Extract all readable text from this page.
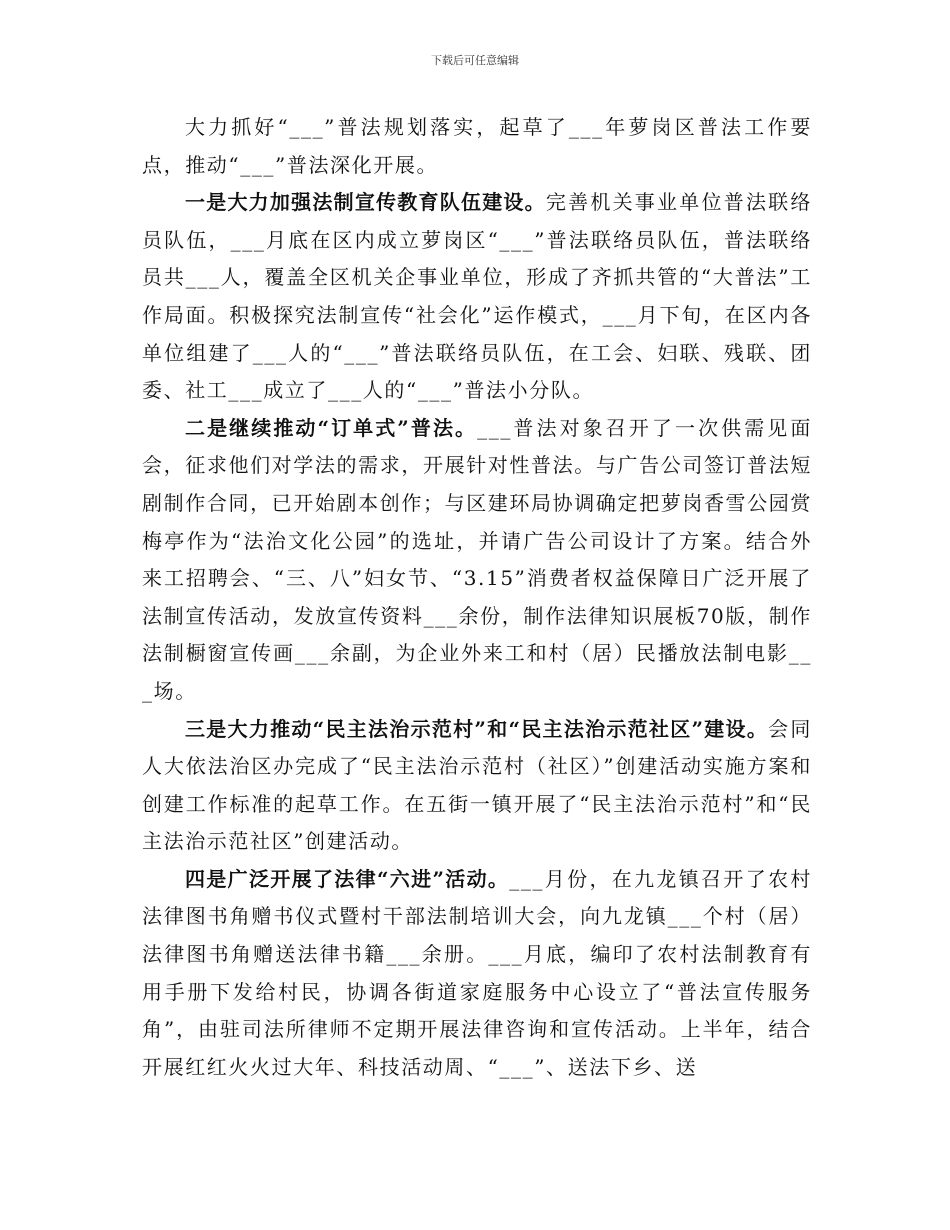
下载后可任意编辑

大力抓好“___”普法规划落实，起草了___年萝岗区普法工作要点，推动“___”普法深化开展。

一是大力加强法制宣传教育队伍建设。完善机关事业单位普法联络员队伍，___月底在区内成立萝岗区“___”普法联络员队伍，普法联络员共___人，覆盖全区机关企事业单位，形成了齐抓共管的“大普法”工作局面。积极探究法制宣传“社会化”运作模式，___月下旬，在区内各单位组建了___人的“___”普法联络员队伍，在工会、妇联、残联、团委、社工___成立了___人的“___”普法小分队。

二是继续推动“订单式”普法。___普法对象召开了一次供需见面会，征求他们对学法的需求，开展针对性普法。与广告公司签订普法短剧制作合同，已开始剧本创作；与区建环局协调确定把萝岗香雪公园赏梅亭作为“法治文化公园”的选址，并请广告公司设计了方案。结合外来工招聘会、“三、八”妇女节、“3.15”消费者权益保障日广泛开展了法制宣传活动，发放宣传资料___余份，制作法律知识展板70版，制作法制橱窗宣传画___余副，为企业外来工和村（居）民播放法制电影___场。

三是大力推动“民主法治示范村”和“民主法治示范社区”建设。会同人大依法治区办完成了“民主法治示范村（社区）”创建活动实施方案和创建工作标准的起草工作。在五街一镇开展了“民主法治示范村”和“民主法治示范社区”创建活动。

四是广泛开展了法律“六进”活动。___月份，在九龙镇召开了农村法律图书角赠书仪式暨村干部法制培训大会，向九龙镇___个村（居）法律图书角赠送法律书籍___余册。___月底，编印了农村法制教育有用手册下发给村民，协调各街道家庭服务中心设立了“普法宣传服务角”，由驻司法所律师不定期开展法律咨询和宣传活动。上半年，结合开展红红火火过大年、科技活动周、“___”、送法下乡、送
